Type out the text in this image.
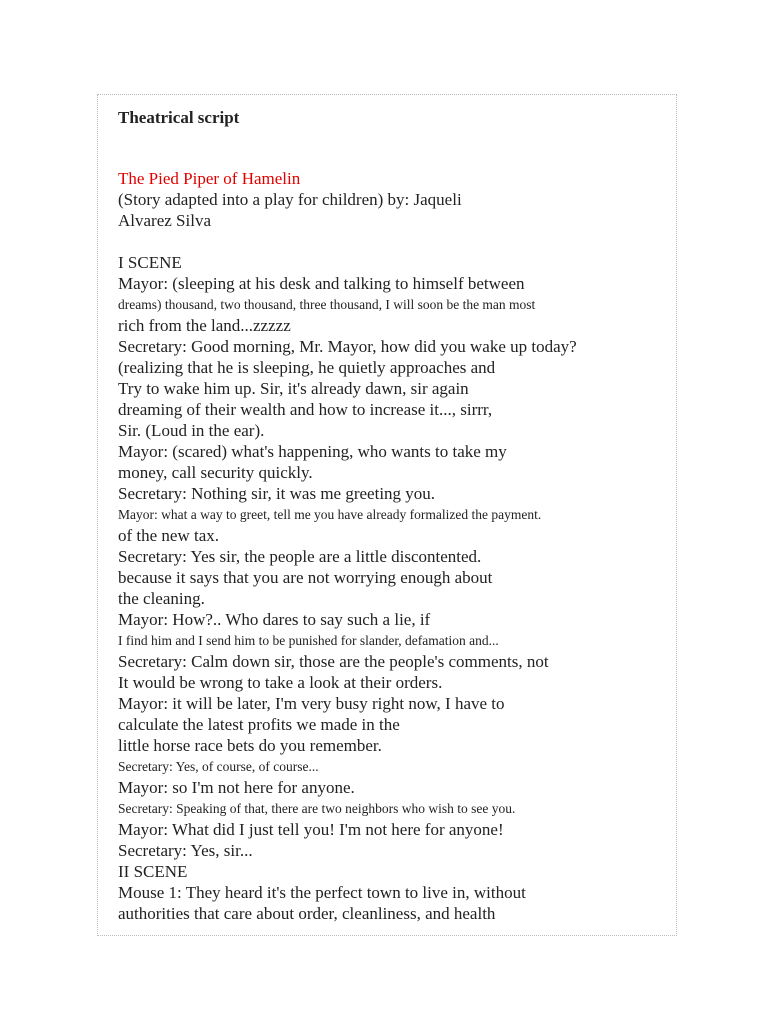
Theatrical script

The Pied Piper of Hamelin
(Story adapted into a play for children) by: Jaqueli
Alvarez Silva
I SCENE
Mayor: (sleeping at his desk and talking to himself between
dreams) thousand, two thousand, three thousand, I will soon be the man most
rich from the land...zzzzz
Secretary: Good morning, Mr. Mayor, how did you wake up today?
(realizing that he is sleeping, he quietly approaches and
Try to wake him up. Sir, it's already dawn, sir again
dreaming of their wealth and how to increase it..., sirrr,
Sir. (Loud in the ear).
Mayor: (scared) what's happening, who wants to take my
money, call security quickly.
Secretary: Nothing sir, it was me greeting you.
Mayor: what a way to greet, tell me you have already formalized the payment.
of the new tax.
Secretary: Yes sir, the people are a little discontented.
because it says that you are not worrying enough about
the cleaning.
Mayor: How?.. Who dares to say such a lie, if
I find him and I send him to be punished for slander, defamation and...
Secretary: Calm down sir, those are the people's comments, not
It would be wrong to take a look at their orders.
Mayor: it will be later, I'm very busy right now, I have to
calculate the latest profits we made in the
little horse race bets do you remember.
Secretary: Yes, of course, of course...
Mayor: so I'm not here for anyone.
Secretary: Speaking of that, there are two neighbors who wish to see you.
Mayor: What did I just tell you! I'm not here for anyone!
Secretary: Yes, sir...
II SCENE
Mouse 1: They heard it's the perfect town to live in, without
authorities that care about order, cleanliness, and health
